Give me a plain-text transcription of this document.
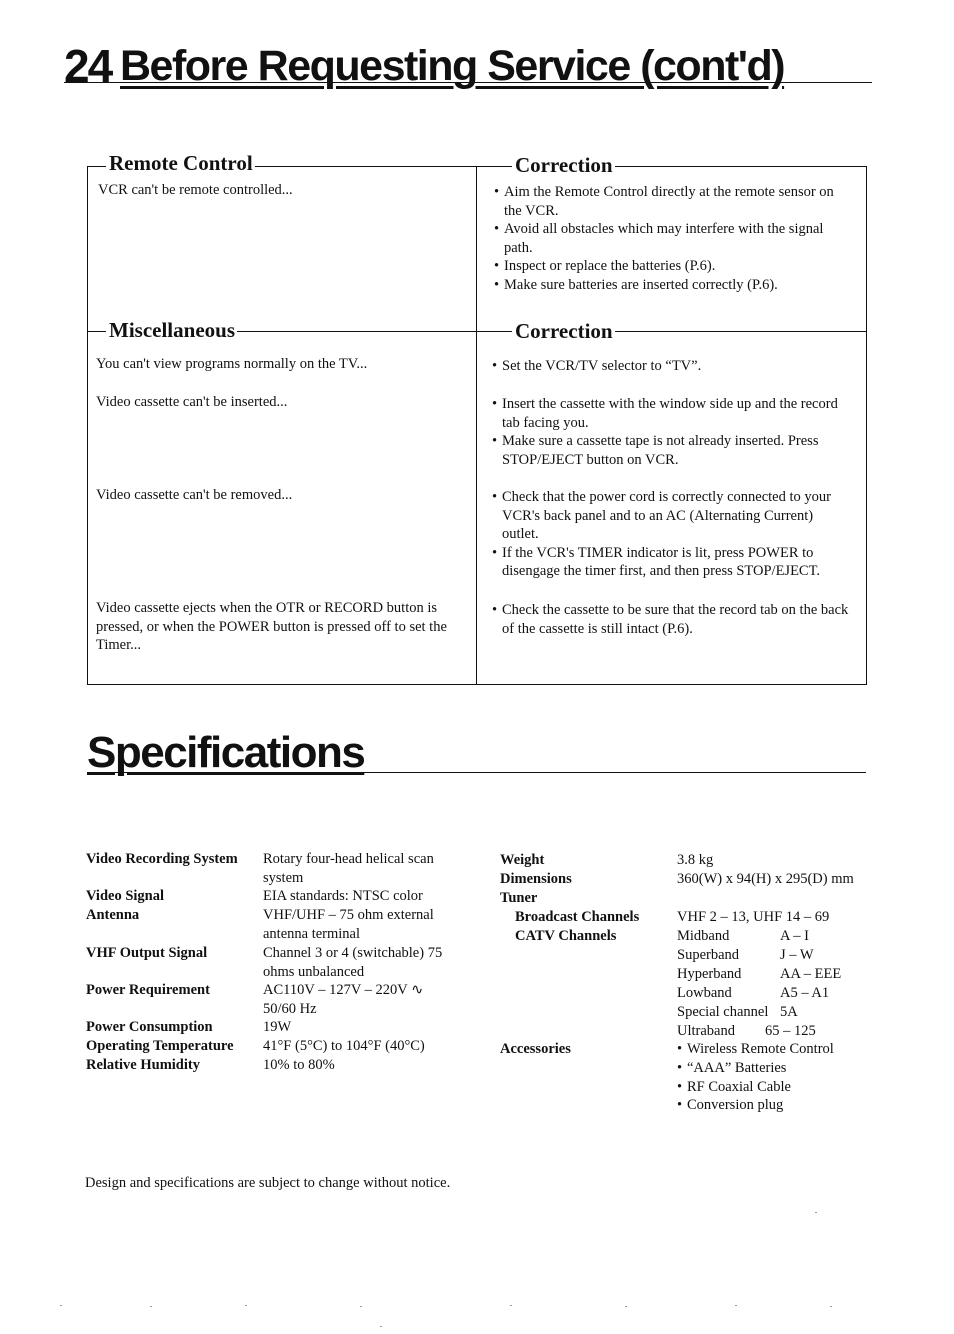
24 Before Requesting Service (cont'd)
Remote Control	Correction
VCR can't be remote controlled...	• Aim the Remote Control directly at the remote sensor on the VCR.
• Avoid all obstacles which may interfere with the signal path.
• Inspect or replace the batteries (P.6).
• Make sure batteries are inserted correctly (P.6).
Miscellaneous	Correction
You can't view programs normally on the TV...	• Set the VCR/TV selector to “TV”.
Video cassette can't be inserted...	• Insert the cassette with the window side up and the record tab facing you.
• Make sure a cassette tape is not already inserted. Press STOP/EJECT button on VCR.
Video cassette can't be removed...	• Check that the power cord is correctly connected to your VCR's back panel and to an AC (Alternating Current) outlet.
• If the VCR's TIMER indicator is lit, press POWER to disengage the timer first, and then press STOP/EJECT.
Video cassette ejects when the OTR or RECORD button is pressed, or when the POWER button is pressed off to set the Timer...
• Check the cassette to be sure that the record tab on the back of the cassette is still intact (P.6).
Specifications
Video Recording System	Rotary four-head helical scan system
Video Signal	EIA standards: NTSC color
Antenna	VHF/UHF – 75 ohm external antenna terminal
VHF Output Signal	Channel 3 or 4 (switchable) 75 ohms unbalanced
Power Requirement	AC110V – 127V – 220V ∿ 50/60 Hz
Power Consumption	19W
Operating Temperature	41°F (5°C) to 104°F (40°C)
Relative Humidity	10% to 80%
Weight	3.8 kg
Dimensions	360(W) x 94(H) x 295(D) mm
Tuner
Broadcast Channels	VHF 2 – 13, UHF 14 – 69
CATV Channels	Midband	A – I
Superband	J – W
Hyperband	AA – EEE
Lowband	A5 – A1
Special channel 5A
Ultraband 65 – 125
Accessories	• Wireless Remote Control
• “AAA” Batteries
• RF Coaxial Cable
• Conversion plug
Design and specifications are subject to change without notice.
